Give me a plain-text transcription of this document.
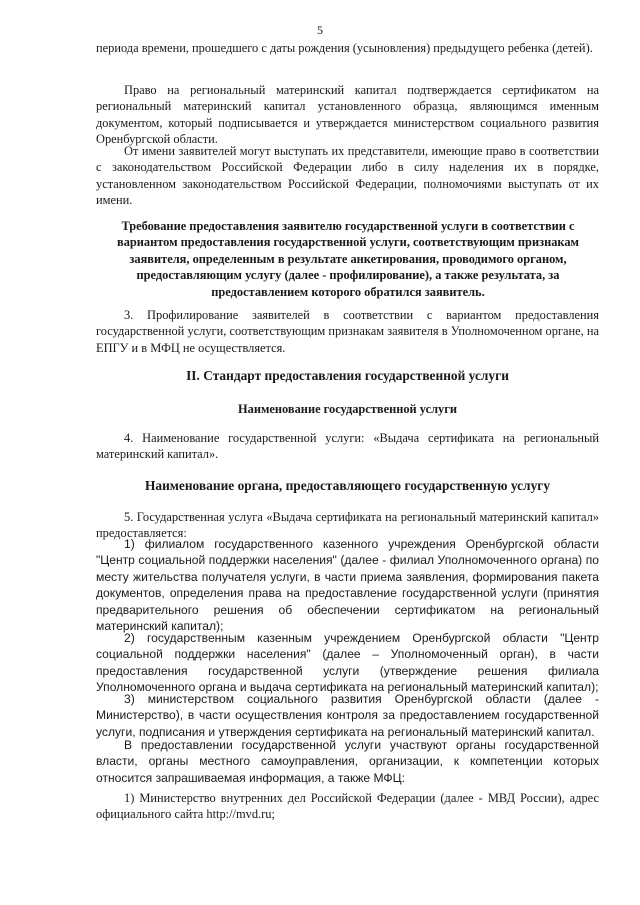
5

периода времени, прошедшего с даты рождения (усыновления) предыдущего ребенка (детей).

Право на региональный материнский капитал подтверждается сертификатом на региональный материнский капитал установленного образца, являющимся именным документом, который подписывается и утверждается министерством социального развития Оренбургской области.

От имени заявителей могут выступать их представители, имеющие право в соответствии с законодательством Российской Федерации либо в силу наделения их в порядке, установленном законодательством Российской Федерации, полномочиями выступать от их имени.

Требование предоставления заявителю государственной услуги в соответствии с вариантом предоставления государственной услуги, соответствующим признакам заявителя, определенным в результате анкетирования, проводимого органом, предоставляющим услугу (далее - профилирование), а также результата, за предоставлением которого обратился заявитель.

3. Профилирование заявителей в соответствии с вариантом предоставления государственной услуги, соответствующим признакам заявителя в Уполномоченном органе, на ЕПГУ и в МФЦ не осуществляется.

II. Стандарт предоставления государственной услуги

Наименование государственной услуги

4. Наименование государственной услуги: «Выдача сертификата на региональный материнский капитал».

Наименование органа, предоставляющего государственную услугу

5. Государственная услуга «Выдача сертификата на региональный материнский капитал» предоставляется:

1) филиалом государственного казенного учреждения Оренбургской области "Центр социальной поддержки населения" (далее - филиал Уполномоченного органа) по месту жительства получателя услуги, в части приема заявления, формирования пакета документов, определения права на предоставление государственной услуги (принятия предварительного решения об обеспечении сертификатом на региональный материнский капитал);
2) государственным казенным учреждением Оренбургской области "Центр социальной поддержки населения" (далее – Уполномоченный орган), в части предоставления государственной услуги (утверждение решения филиала Уполномоченного органа и выдача сертификата на региональный материнский капитал);
3) министерством социального развития Оренбургской области (далее - Министерство), в части осуществления контроля за предоставлением государственной услуги, подписания и утверждения сертификата на региональный материнский капитал.
В предоставлении государственной услуги участвуют органы государственной власти, органы местного самоуправления, организации, к компетенции которых относится запрашиваемая информация, а также МФЦ:

1) Министерство внутренних дел Российской Федерации (далее - МВД России), адрес официального сайта http://mvd.ru;
